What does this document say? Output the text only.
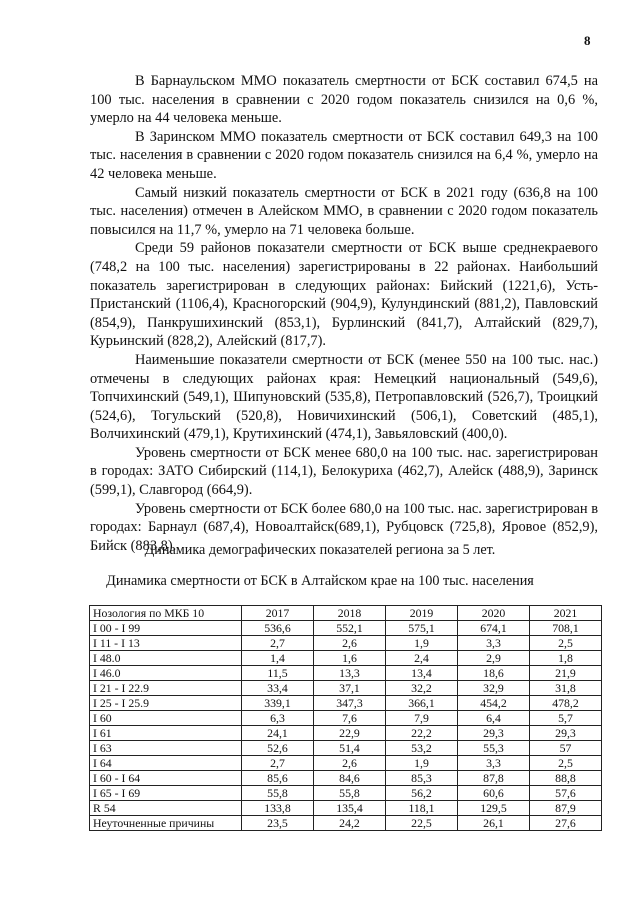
8

В Барнаульском ММО показатель смертности от БСК составил 674,5 на 100 тыс. населения в сравнении с 2020 годом показатель снизился на 0,6 %, умерло на 44 человека меньше.

В Заринском ММО показатель смертности от БСК составил 649,3 на 100 тыс. населения в сравнении с 2020 годом показатель снизился на 6,4 %, умерло на 42 человека меньше.

Самый низкий показатель смертности от БСК в 2021 году (636,8 на 100 тыс. населения) отмечен в Алейском ММО, в сравнении с 2020 годом показатель повысился на 11,7 %, умерло на 71 человека больше.

Среди 59 районов показатели смертности от БСК выше среднекраевого (748,2 на 100 тыс. населения) зарегистрированы в 22 районах. Наибольший показатель зарегистрирован в следующих районах: Бийский (1221,6), Усть-Пристанский (1106,4), Красногорский (904,9), Кулундинский (881,2), Павловский (854,9), Панкрушихинский (853,1), Бурлинский (841,7), Алтайский (829,7), Курьинский (828,2), Алейский (817,7).

Наименьшие показатели смертности от БСК (менее 550 на 100 тыс. нас.) отмечены в следующих районах края: Немецкий национальный (549,6), Топчихинский (549,1), Шипуновский (535,8), Петропавловский (526,7), Троицкий (524,6), Тогульский (520,8), Новичихинский (506,1), Советский (485,1), Волчихинский (479,1), Крутихинский (474,1), Завьяловский (400,0).

Уровень смертности от БСК менее 680,0 на 100 тыс. нас. зарегистрирован в городах: ЗАТО Сибирский (114,1), Белокуриха (462,7), Алейск (488,9), Заринск (599,1), Славгород (664,9).

Уровень смертности от БСК более 680,0 на 100 тыс. нас. зарегистрирован в городах: Барнаул (687,4), Новоалтайск(689,1), Рубцовск (725,8), Яровое (852,9), Бийск (883,8).

Динамика демографических показателей региона за 5 лет.
Динамика смертности от БСК в Алтайском крае на 100 тыс. населения
Нозология по МКБ 10	2017	2018	2019	2020	2021
I 00 - I 99	536,6	552,1	575,1	674,1	708,1
I 11 - I 13	2,7	2,6	1,9	3,3	2,5
I 48.0	1,4	1,6	2,4	2,9	1,8
I 46.0	11,5	13,3	13,4	18,6	21,9
I 21 - I 22.9	33,4	37,1	32,2	32,9	31,8
I 25 - I 25.9	339,1	347,3	366,1	454,2	478,2
I 60	6,3	7,6	7,9	6,4	5,7
I 61	24,1	22,9	22,2	29,3	29,3
I 63	52,6	51,4	53,2	55,3	57
I 64	2,7	2,6	1,9	3,3	2,5
I 60 - I 64	85,6	84,6	85,3	87,8	88,8
I 65 - I 69	55,8	55,8	56,2	60,6	57,6
R 54	133,8	135,4	118,1	129,5	87,9
Неуточненные причины	23,5	24,2	22,5	26,1	27,6
